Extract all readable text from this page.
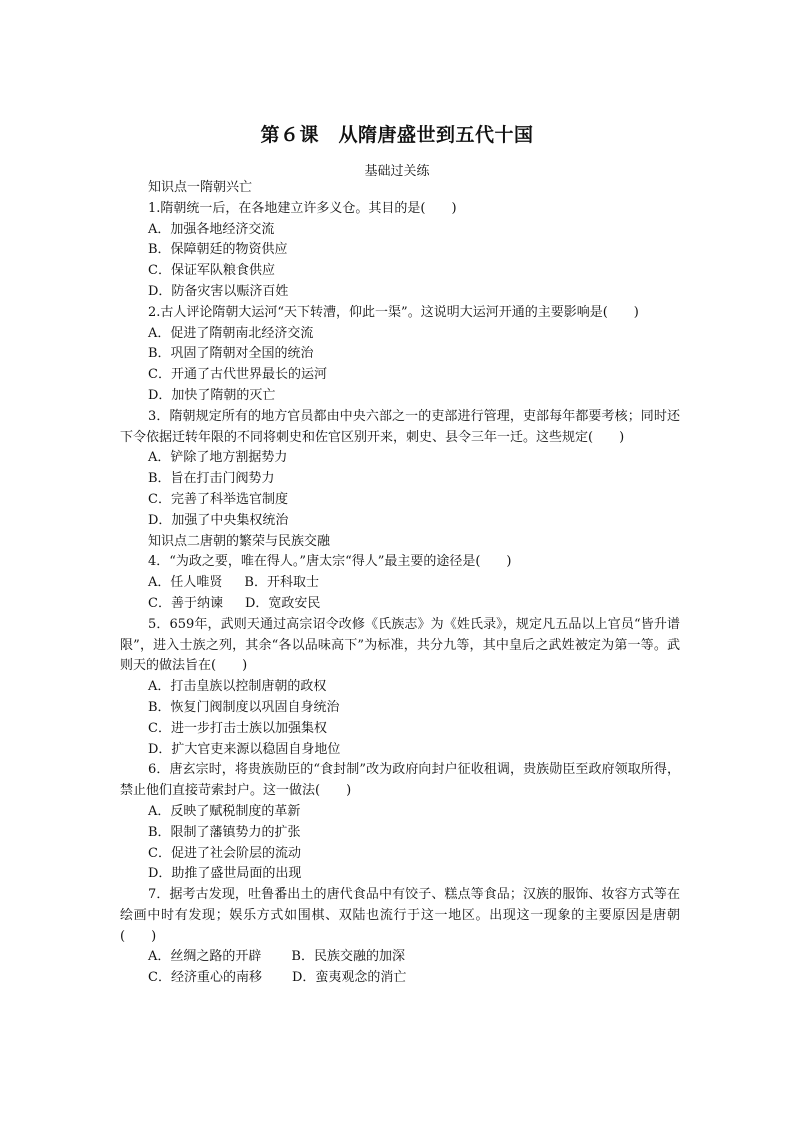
第６课　从隋唐盛世到五代十国
基础过关练
知识点一隋朝兴亡
1.隋朝统一后，在各地建立许多义仓。其目的是(　　)
A．加强各地经济交流
B．保障朝廷的物资供应
C．保证军队粮食供应
D．防备灾害以赈济百姓
2.古人评论隋朝大运河“天下转漕，仰此一渠”。这说明大运河开通的主要影响是(　　)
A．促进了隋朝南北经济交流
B．巩固了隋朝对全国的统治
C．开通了古代世界最长的运河
D．加快了隋朝的灭亡
3．隋朝规定所有的地方官员都由中央六部之一的吏部进行管理，吏部每年都要考核；同时还下令依据迁转年限的不同将刺史和佐官区别开来，刺史、县令三年一迁。这些规定(　　)
A．铲除了地方割据势力
B．旨在打击门阀势力
C．完善了科举选官制度
D．加强了中央集权统治
知识点二唐朝的繁荣与民族交融
4．“为政之要，唯在得人。”唐太宗“得人”最主要的途径是(　　)
A．任人唯贤 B．开科取士
C．善于纳谏 D．宽政安民
5．659年，武则天通过高宗诏令改修《氏族志》为《姓氏录》，规定凡五品以上官员“皆升谱限”，进入士族之列，其余“各以品味高下”为标准，共分九等，其中皇后之武姓被定为第一等。武则天的做法旨在(　　)
A．打击皇族以控制唐朝的政权
B．恢复门阀制度以巩固自身统治
C．进一步打击士族以加强集权
D．扩大官吏来源以稳固自身地位
6．唐玄宗时，将贵族勋臣的“食封制”改为政府向封户征收租调，贵族勋臣至政府领取所得，禁止他们直接苛索封户。这一做法(　　)
A．反映了赋税制度的革新
B．限制了藩镇势力的扩张
C．促进了社会阶层的流动
D．助推了盛世局面的出现
7．据考古发现，吐鲁番出土的唐代食品中有饺子、糕点等食品；汉族的服饰、妆容方式等在绘画中时有发现；娱乐方式如围棋、双陆也流行于这一地区。出现这一现象的主要原因是唐朝(　　)
A．丝绸之路的开辟 B．民族交融的加深
C．经济重心的南移 D．蛮夷观念的消亡
